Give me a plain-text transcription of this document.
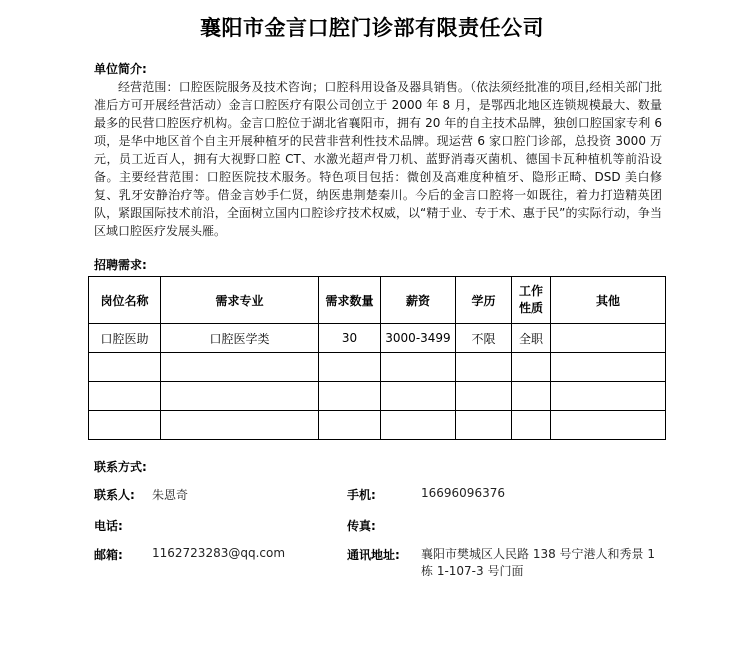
襄阳市金言口腔门诊部有限责任公司
单位简介:
经营范围：口腔医院服务及技术咨询；口腔科用设备及器具销售。（依法须经批准的项目,经相关部门批准后方可开展经营活动）金言口腔医疗有限公司创立于 2000 年 8 月，是鄂西北地区连锁规模最大、数量最多的民营口腔医疗机构。金言口腔位于湖北省襄阳市，拥有 20 年的自主技术品牌，独创口腔国家专利 6 项，是华中地区首个自主开展种植牙的民营非营利性技术品牌。现运营 6 家口腔门诊部，总投资 3000 万元，员工近百人，拥有大视野口腔 CT、水激光超声骨刀机、蓝野消毒灭菌机、德国卡瓦种植机等前沿设备。主要经营范围：口腔医院技术服务。特色项目包括：微创及高难度种植牙、隐形正畸、DSD 美白修复、乳牙安静治疗等。借金言妙手仁贤，纳医患荆楚秦川。今后的金言口腔将一如既往，着力打造精英团队，紧跟国际技术前沿，全面树立国内口腔诊疗技术权威，以“精于业、专于术、惠于民”的实际行动，争当区域口腔医疗发展头雁。
招聘需求:
岗位名称	需求专业	需求数量	薪资	学历	工作性质	其他
口腔医助	口腔医学类	30	3000-3499	不限	全职	

联系方式:
联系人: 朱恩奇	手机:	16696096376
电话:	传真:
邮箱: 1162723283@qq.com	通讯地址: 襄阳市樊城区人民路 138 号宁港人和秀景 1
栋 1-107-3 号门面
